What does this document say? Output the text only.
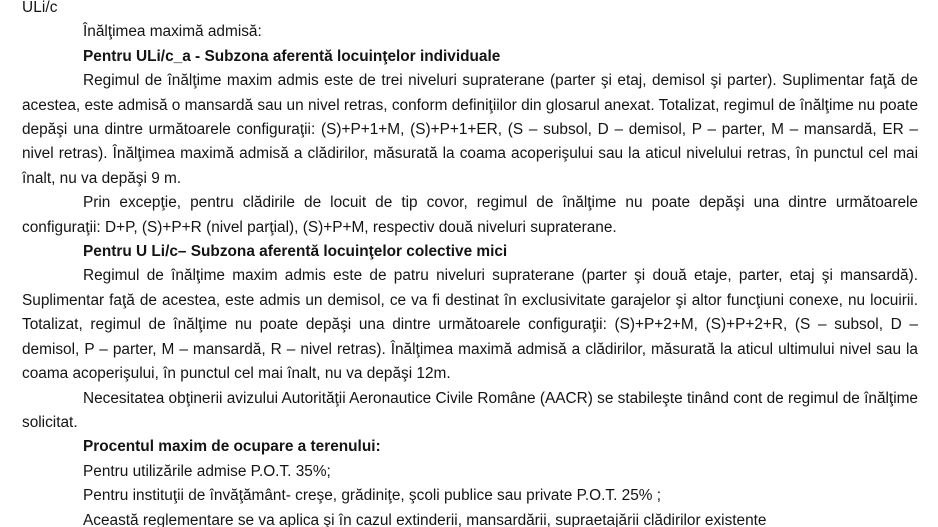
ULi/c

Înălţimea maximă admisă:

Pentru ULi/c_a - Subzona aferentă locuinţelor individuale

Regimul de înălţime maxim admis este de trei niveluri supraterane (parter şi etaj, demisol şi parter). Suplimentar faţă de acestea, este admisă o mansardă sau un nivel retras, conform definiţiilor din glosarul anexat. Totalizat, regimul de înălţime nu poate depăşi una dintre următoarele configuraţii: (S)+P+1+M, (S)+P+1+ER, (S – subsol, D – demisol, P – parter, M – mansardă, ER – nivel retras). Înălţimea maximă admisă a clădirilor, măsurată la coama acoperişului sau la aticul nivelului retras, în punctul cel mai înalt, nu va depăşi 9 m.

Prin excepţie, pentru clădirile de locuit de tip covor, regimul de înălţime nu poate depăşi una dintre următoarele configuraţii: D+P, (S)+P+R (nivel parţial), (S)+P+M, respectiv două niveluri supraterane.

Pentru U Li/c– Subzona aferentă locuinţelor colective mici

Regimul de înălţime maxim admis este de patru niveluri supraterane (parter şi două etaje, parter, etaj şi mansardă). Suplimentar faţă de acestea, este admis un demisol, ce va fi destinat în exclusivitate garajelor şi altor funcţiuni conexe, nu locuirii. Totalizat, regimul de înălţime nu poate depăşi una dintre următoarele configuraţii: (S)+P+2+M, (S)+P+2+R, (S – subsol, D – demisol, P – parter, M – mansardă, R – nivel retras). Înălţimea maximă admisă a clădirilor, măsurată la aticul ultimului nivel sau la coama acoperişului, în punctul cel mai înalt, nu va depăşi 12m.

Necesitatea obţinerii avizului Autorităţii Aeronautice Civile Române (AACR) se stabileşte tinând cont de regimul de înălţime solicitat.

Procentul maxim de ocupare a terenului:

Pentru utilizările admise P.O.T. 35%;

Pentru instituţii de învăţământ- creşe, grădiniţe, şcoli publice sau private P.O.T. 25% ;

Această reglementare se va aplica şi în cazul extinderii, mansardării, supraetajării clădirilor existente
